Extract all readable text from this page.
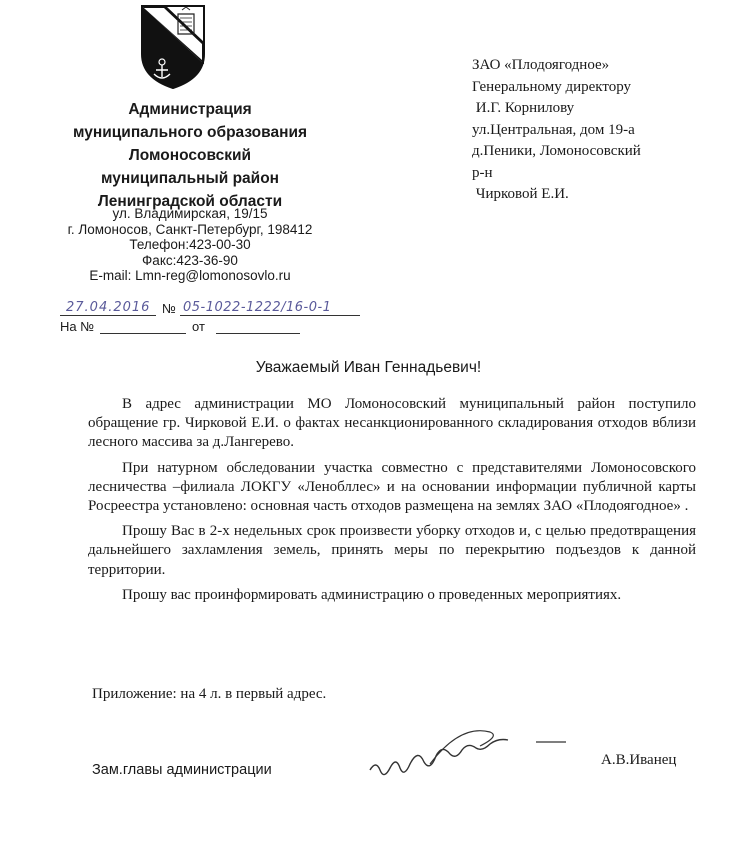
Администрация
муниципального образования
Ломоносовский
муниципальный район
Ленинградской области
ул. Владимирская, 19/15
г. Ломоносов, Санкт-Петербург, 198412
Телефон:423-00-30
Факс:423-36-90
E-mail: Lmn-reg@lomonosovlo.ru
27.04.2016 № 05-1022-1222/16-0-1
На №	от
ЗАО «Плодоягодное»
Генеральному директору
И.Г. Корнилову
ул.Центральная, дом 19-а
д.Пеники, Ломоносовский
р-н
Чирковой Е.И.
Уважаемый Иван Геннадьевич!

В адрес администрации МО Ломоносовский муниципальный район поступило обращение гр. Чирковой Е.И. о фактах несанкционированного складирования отходов вблизи лесного массива за д.Лангерево.

При натурном обследовании участка совместно с представителями Ломоносовского лесничества –филиала ЛОКГУ «Ленобллес» и на основании информации публичной карты Росреестра установлено: основная часть отходов размещена на землях ЗАО «Плодоягодное» .

Прошу Вас в 2-х недельных срок произвести уборку отходов и, с целью предотвращения дальнейшего захламления земель, принять меры по перекрытию подъездов к данной территории.

Прошу вас проинформировать администрацию о проведенных мероприятиях.

Приложение: на 4 л. в первый адрес.
Зам.главы администрации
А.В.Иванец
